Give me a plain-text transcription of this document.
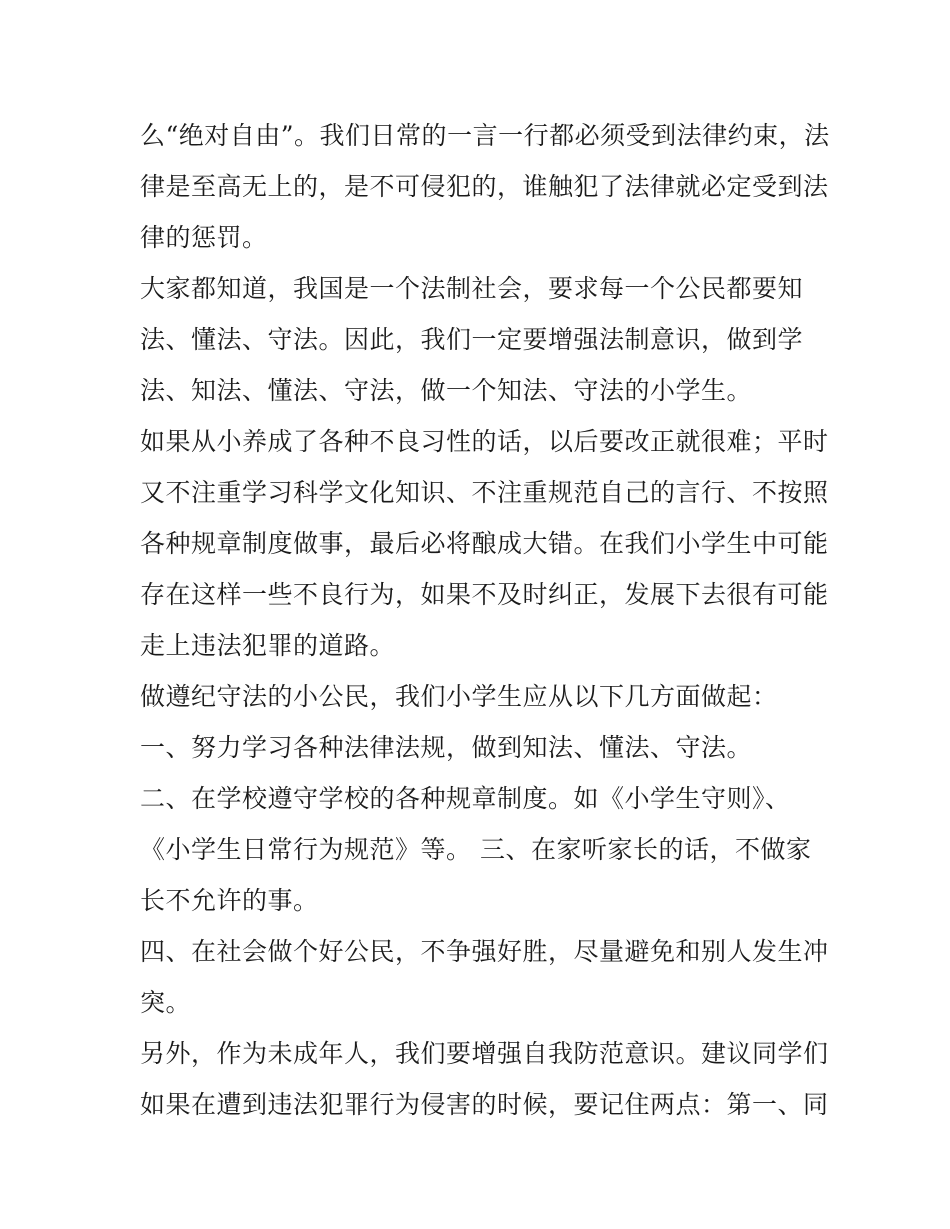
么“绝对自由”。我们日常的一言一行都必须受到法律约束，法
律是至高无上的，是不可侵犯的，谁触犯了法律就必定受到法
律的惩罚。
大家都知道，我国是一个法制社会，要求每一个公民都要知
法、懂法、守法。因此，我们一定要增强法制意识，做到学
法、知法、懂法、守法，做一个知法、守法的小学生。
如果从小养成了各种不良习性的话，以后要改正就很难；平时
又不注重学习科学文化知识、不注重规范自己的言行、不按照
各种规章制度做事，最后必将酿成大错。在我们小学生中可能
存在这样一些不良行为，如果不及时纠正，发展下去很有可能
走上违法犯罪的道路。
做遵纪守法的小公民，我们小学生应从以下几方面做起：
一、努力学习各种法律法规，做到知法、懂法、守法。
二、在学校遵守学校的各种规章制度。如《小学生守则》、
《小学生日常行为规范》等。 三、在家听家长的话，不做家
长不允许的事。
四、在社会做个好公民，不争强好胜，尽量避免和别人发生冲
突。
另外，作为未成年人，我们要增强自我防范意识。建议同学们
如果在遭到违法犯罪行为侵害的时候，要记住两点：第一、同
